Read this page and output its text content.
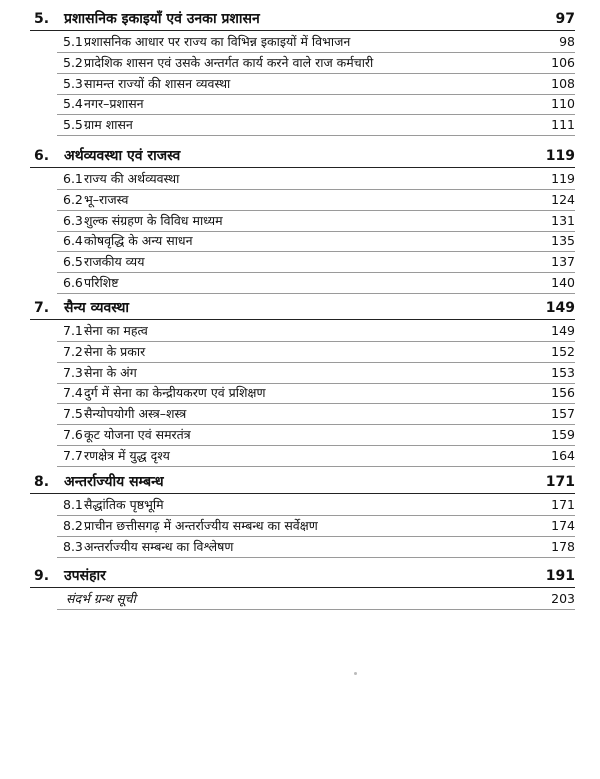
5. प्रशासनिक इकाइयाँ एवं उनका प्रशासन	97
5.1 प्रशासनिक आधार पर राज्य का विभिन्न इकाइयों में विभाजन	98
5.2 प्रादेशिक शासन एवं उसके अन्तर्गत कार्य करने वाले राज कर्मचारी	106
5.3 सामन्त राज्यों की शासन व्यवस्था	108
5.4 नगर–प्रशासन	110
5.5 ग्राम शासन	111
6. अर्थव्यवस्था एवं राजस्व	119
6.1 राज्य की अर्थव्यवस्था	119
6.2 भू–राजस्व	124
6.3 शुल्क संग्रहण के विविध माध्यम	131
6.4 कोषवृद्धि के अन्य साधन	135
6.5 राजकीय व्यय	137
6.6 परिशिष्ट	140
7. सैन्य व्यवस्था	149
7.1 सेना का महत्व	149
7.2 सेना के प्रकार	152
7.3 सेना के अंग	153
7.4 दुर्ग में सेना का केन्द्रीयकरण एवं प्रशिक्षण	156
7.5 सैन्योपयोगी अस्त्र–शस्त्र	157
7.6 कूट योजना एवं समरतंत्र	159
7.7 रणक्षेत्र में युद्ध दृश्य	164
8. अन्तर्राज्यीय सम्बन्ध	171
8.1 सैद्धांतिक पृष्ठभूमि	171
8.2 प्राचीन छत्तीसगढ़ में अन्तर्राज्यीय सम्बन्ध का सर्वेक्षण	174
8.3 अन्तर्राज्यीय सम्बन्ध का विश्लेषण	178
9. उपसंहार	191
संदर्भ ग्रन्थ सूची	203
